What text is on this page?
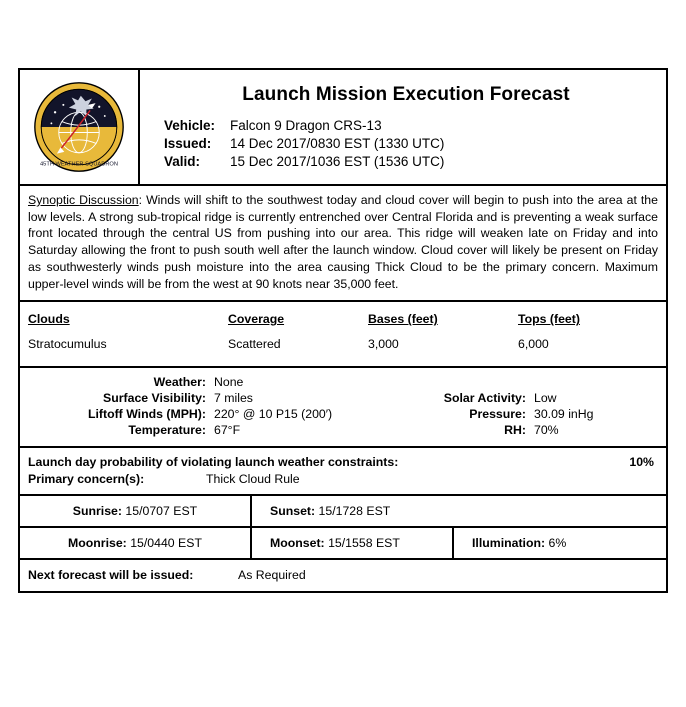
45TH WEATHER SQUADRON
Launch Mission Execution Forecast
Vehicle:	Falcon 9 Dragon CRS-13
Issued:	14 Dec 2017/0830 EST (1330 UTC)
Valid:	15 Dec 2017/1036 EST (1536 UTC)
Synoptic Discussion: Winds will shift to the southwest today and cloud cover will begin to push into the area at the low levels. A strong sub-tropical ridge is currently entrenched over Central Florida and is preventing a weak surface front located through the central US from pushing into our area. This ridge will weaken late on Friday and into Saturday allowing the front to push south well after the launch window. Cloud cover will likely be present on Friday as southwesterly winds push moisture into the area causing Thick Cloud to be the primary concern. Maximum upper-level winds will be from the west at 90 knots near 35,000 feet.
Clouds	Coverage	Bases (feet)	Tops (feet)
Stratocumulus	Scattered	3,000	6,000
Weather:	None		
Surface Visibility:	7 miles	Solar Activity:	Low
Liftoff Winds (MPH):	220° @ 10 P15 (200′)	Pressure:	30.09 inHg
Temperature:	67°F	RH:	70%
Launch day probability of violating launch weather constraints:	10%
Primary concern(s):	Thick Cloud Rule
Sunrise: 15/0707 EST	Sunset: 15/1728 EST
Moonrise: 15/0440 EST	Moonset: 15/1558 EST	Illumination: 6%
Next forecast will be issued:	As Required
